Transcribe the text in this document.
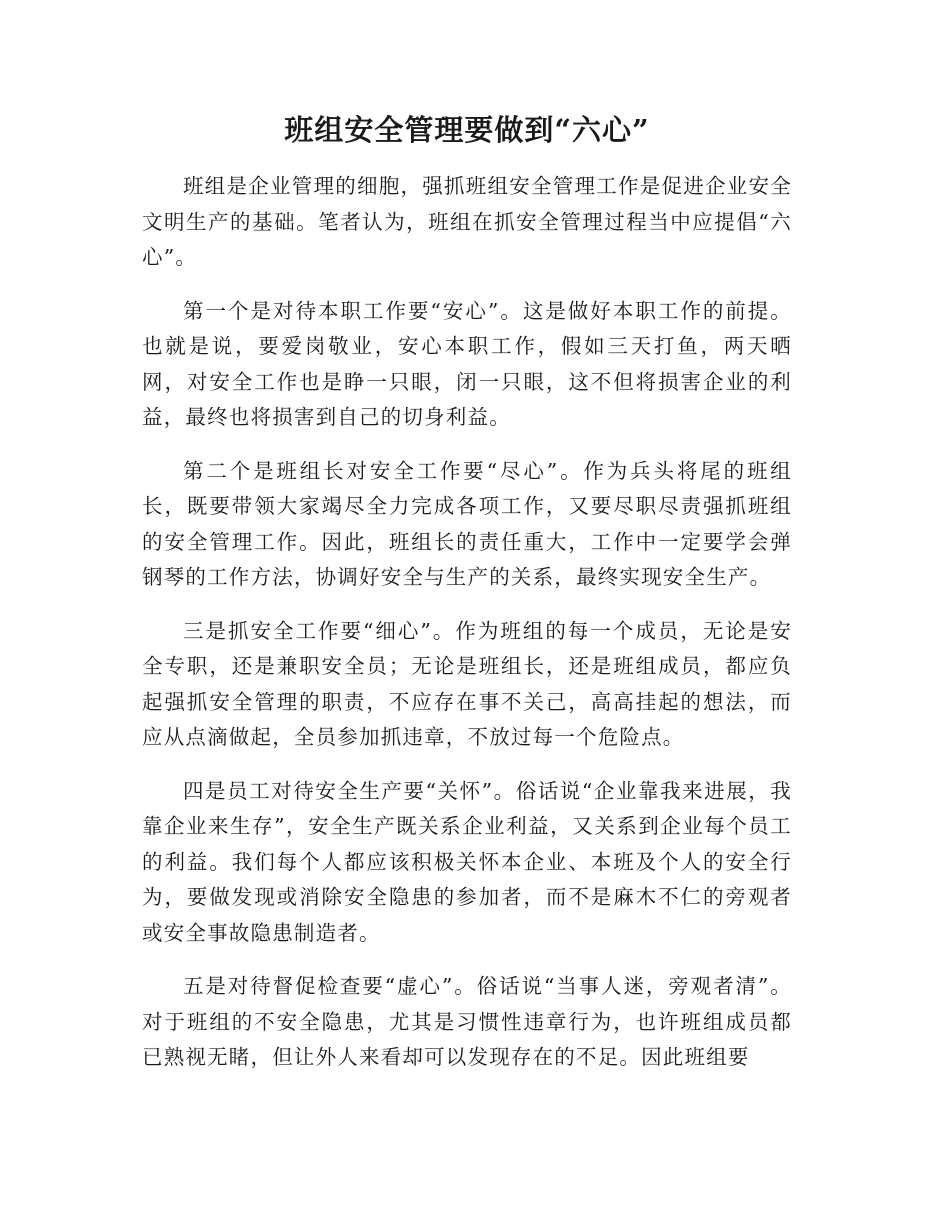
班组安全管理要做到“六心”

班组是企业管理的细胞，强抓班组安全管理工作是促进企业安全文明生产的基础。笔者认为，班组在抓安全管理过程当中应提倡“六心”。

第一个是对待本职工作要“安心”。这是做好本职工作的前提。也就是说，要爱岗敬业，安心本职工作，假如三天打鱼，两天晒网，对安全工作也是睁一只眼，闭一只眼，这不但将损害企业的利益，最终也将损害到自己的切身利益。

第二个是班组长对安全工作要“尽心”。作为兵头将尾的班组长，既要带领大家竭尽全力完成各项工作，又要尽职尽责强抓班组的安全管理工作。因此，班组长的责任重大，工作中一定要学会弹钢琴的工作方法，协调好安全与生产的关系，最终实现安全生产。

三是抓安全工作要“细心”。作为班组的每一个成员，无论是安全专职，还是兼职安全员；无论是班组长，还是班组成员，都应负起强抓安全管理的职责，不应存在事不关己，高高挂起的想法，而应从点滴做起，全员参加抓违章，不放过每一个危险点。

四是员工对待安全生产要“关怀”。俗话说“企业靠我来进展，我靠企业来生存”，安全生产既关系企业利益，又关系到企业每个员工的利益。我们每个人都应该积极关怀本企业、本班及个人的安全行为，要做发现或消除安全隐患的参加者，而不是麻木不仁的旁观者或安全事故隐患制造者。

五是对待督促检查要“虚心”。俗话说“当事人迷，旁观者清”。对于班组的不安全隐患，尤其是习惯性违章行为，也许班组成员都已熟视无睹，但让外人来看却可以发现存在的不足。因此班组要
